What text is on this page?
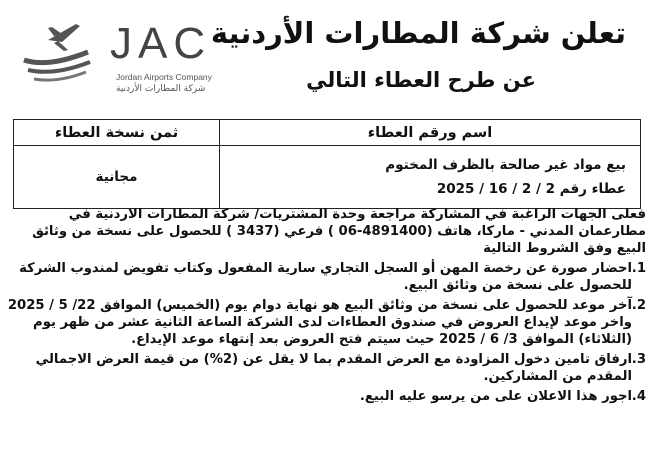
JAC
Jordan Airports Company
شركة المطارات الأردنية
تعلن شركة المطارات الأردنية
عن طرح العطاء التالي
اسم ورقم العطاء	ثمن نسخة العطاء

بيع مواد غير صالحة بالظرف المختوم
عطاء رقم 2 / 2 / 16 / 2025	مجانية

فعلى الجهات الراغبة في المشاركة مراجعة وحدة المشتريات/ شركة المطارات الاردنية في مطارعمان المدني - ماركا، هاتف (4891400-06 ) فرعي (3437 ) للحصول على نسخة من وثائق البيع وفق الشروط التالية

1.
احضار صورة عن رخصة المهن أو السجل التجاري سارية المفعول وكتاب تفويض لمندوب الشركة للحصول على نسخة من وثائق البيع.
2.
آخر موعد للحصول على نسخة من وثائق البيع هو نهاية دوام يوم (الخميس) الموافق 22/ 5 / 2025 واخر موعد لإيداع العروض في صندوق العطاءات لدى الشركة الساعة الثانية عشر من ظهر يوم (الثلاثاء) الموافق 3/ 6 / 2025 حيث سيتم فتح العروض بعد إنتهاء موعد الإيداع.
3.
ارفاق تامين دخول المزاودة مع العرض المقدم بما لا يقل عن (2%) من قيمة العرض الاجمالي المقدم من المشاركين.
4.
اجور هذا الاعلان على من يرسو عليه البيع.
